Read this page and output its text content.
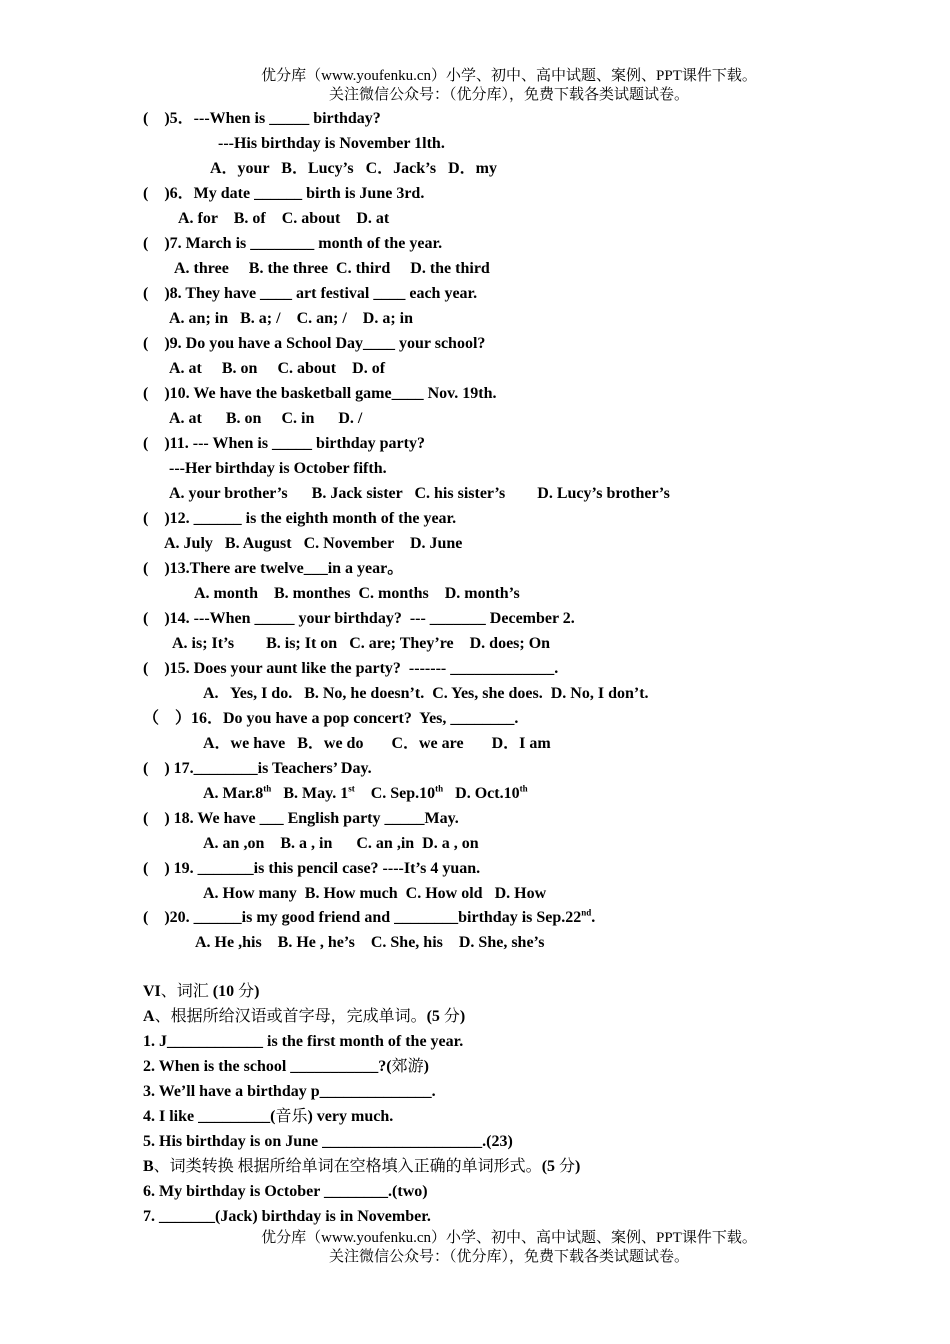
优分库（www.youfenku.cn）小学、初中、高中试题、案例、PPT课件下载。
关注微信公众号：（优分库），免费下载各类试题试卷。
(    )5．---When is _____ birthday?
---His birthday is November 1lth.
A．your   B．Lucy’s   C．Jack’s   D．my
(    )6．My date ______ birth is June 3rd.
A. for    B. of    C. about    D. at
(    )7. March is ________ month of the year.
A. three     B. the three  C. third     D. the third
(    )8. They have ____ art festival ____ each year.
A. an; in   B. a; /    C. an; /    D. a; in
(    )9. Do you have a School Day____ your school?
A. at     B. on     C. about    D. of
(    )10. We have the basketball game____ Nov. 19th.
A. at      B. on     C. in      D. /
(    )11. --- When is _____ birthday party?
---Her birthday is October fifth.
A. your brother’s      B. Jack sister   C. his sister’s        D. Lucy’s brother’s
(    )12. ______ is the eighth month of the year.
A. July   B. August   C. November    D. June
(    )13.There are twelve___in a year。
A. month    B. monthes  C. months    D. month’s
(    )14. ---When _____ your birthday?  --- _______ December 2.
A. is; It’s        B. is; It on   C. are; They’re    D. does; On
(    )15. Does your aunt like the party?  ------- _____________.
A.   Yes, I do.   B. No, he doesn’t.  C. Yes, she does.  D. No, I don’t.
（    ）16．Do you have a pop concert?  Yes, ________.
A．we have   B．we do       C．we are       D．I am
(    ) 17.________is Teachers’ Day.
A. Mar.8th   B. May. 1st    C. Sep.10th   D. Oct.10th
(    ) 18. We have ___ English party _____May.
A. an ,on    B. a , in      C. an ,in  D. a , on
(    ) 19. _______is this pencil case? ----It’s 4 yuan.
A. How many  B. How much  C. How old   D. How
(    )20. ______is my good friend and ________birthday is Sep.22nd.
A. He ,his    B. He , he’s    C. She, his    D. She, she’s
VI、词汇 (10 分)
A、根据所给汉语或首字母，完成单词。(5 分)
1. J____________ is the first month of the year.
2. When is the school ___________?(郊游)
3. We’ll have a birthday p______________.
4. I like _________(音乐) very much.
5. His birthday is on June ____________________.(23)
B、词类转换 根据所给单词在空格填入正确的单词形式。(5 分)
6. My birthday is October ________.(two)
7. _______(Jack) birthday is in November.
优分库（www.youfenku.cn）小学、初中、高中试题、案例、PPT课件下载。
关注微信公众号：（优分库），免费下载各类试题试卷。
